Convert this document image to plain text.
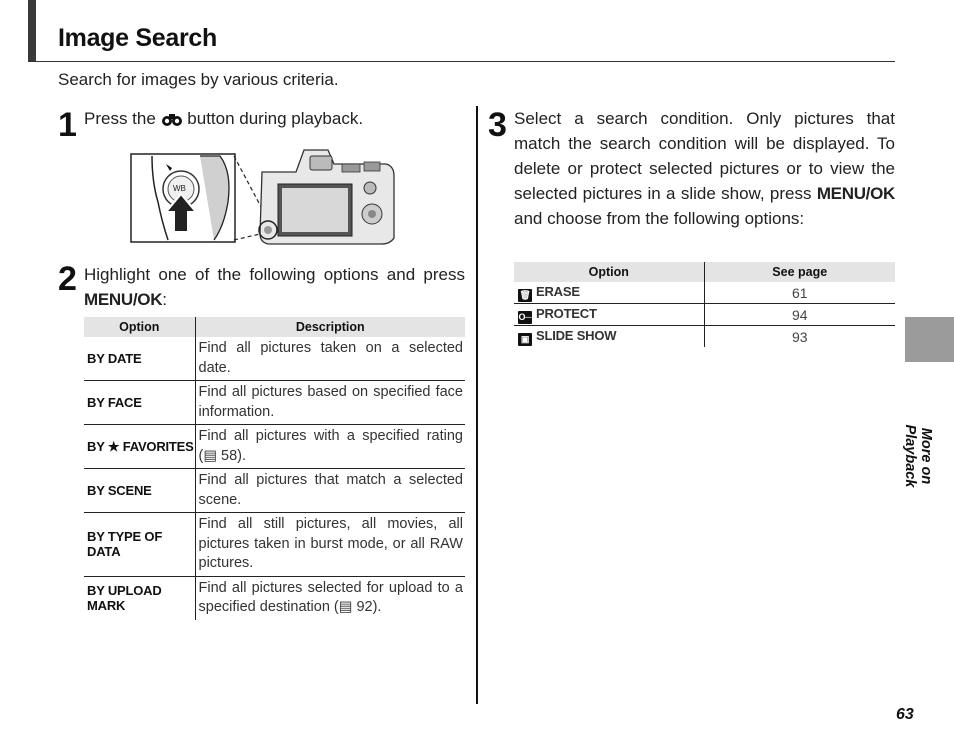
Image Search
Search for images by various criteria.
1 Press the button during playback.
WB
2 Highlight one of the following options and press MENU/OK:
Option	Description
BY DATE	Find all pictures taken on a selected date.
BY FACE	Find all pictures based on specified face information.
BY ★ FAVORITES	Find all pictures with a specified rating (▤ 58).
BY SCENE	Find all pictures that match a selected scene.
BY TYPE OF DATA	Find all still pictures, all movies, all pictures taken in burst mode, or all RAW pictures.
BY UPLOAD MARK	Find all pictures selected for upload to a specified destination (▤ 92).
3 Select a search condition. Only pictures that match the search condition will be displayed. To delete or protect selected pictures or to view the selected pictures in a slide show, press MENU/OK and choose from the following options:
Option	See page
🗑︎ ERASE	61
O─ PROTECT	94
▣ SLIDE SHOW	93
More on Playback
63
